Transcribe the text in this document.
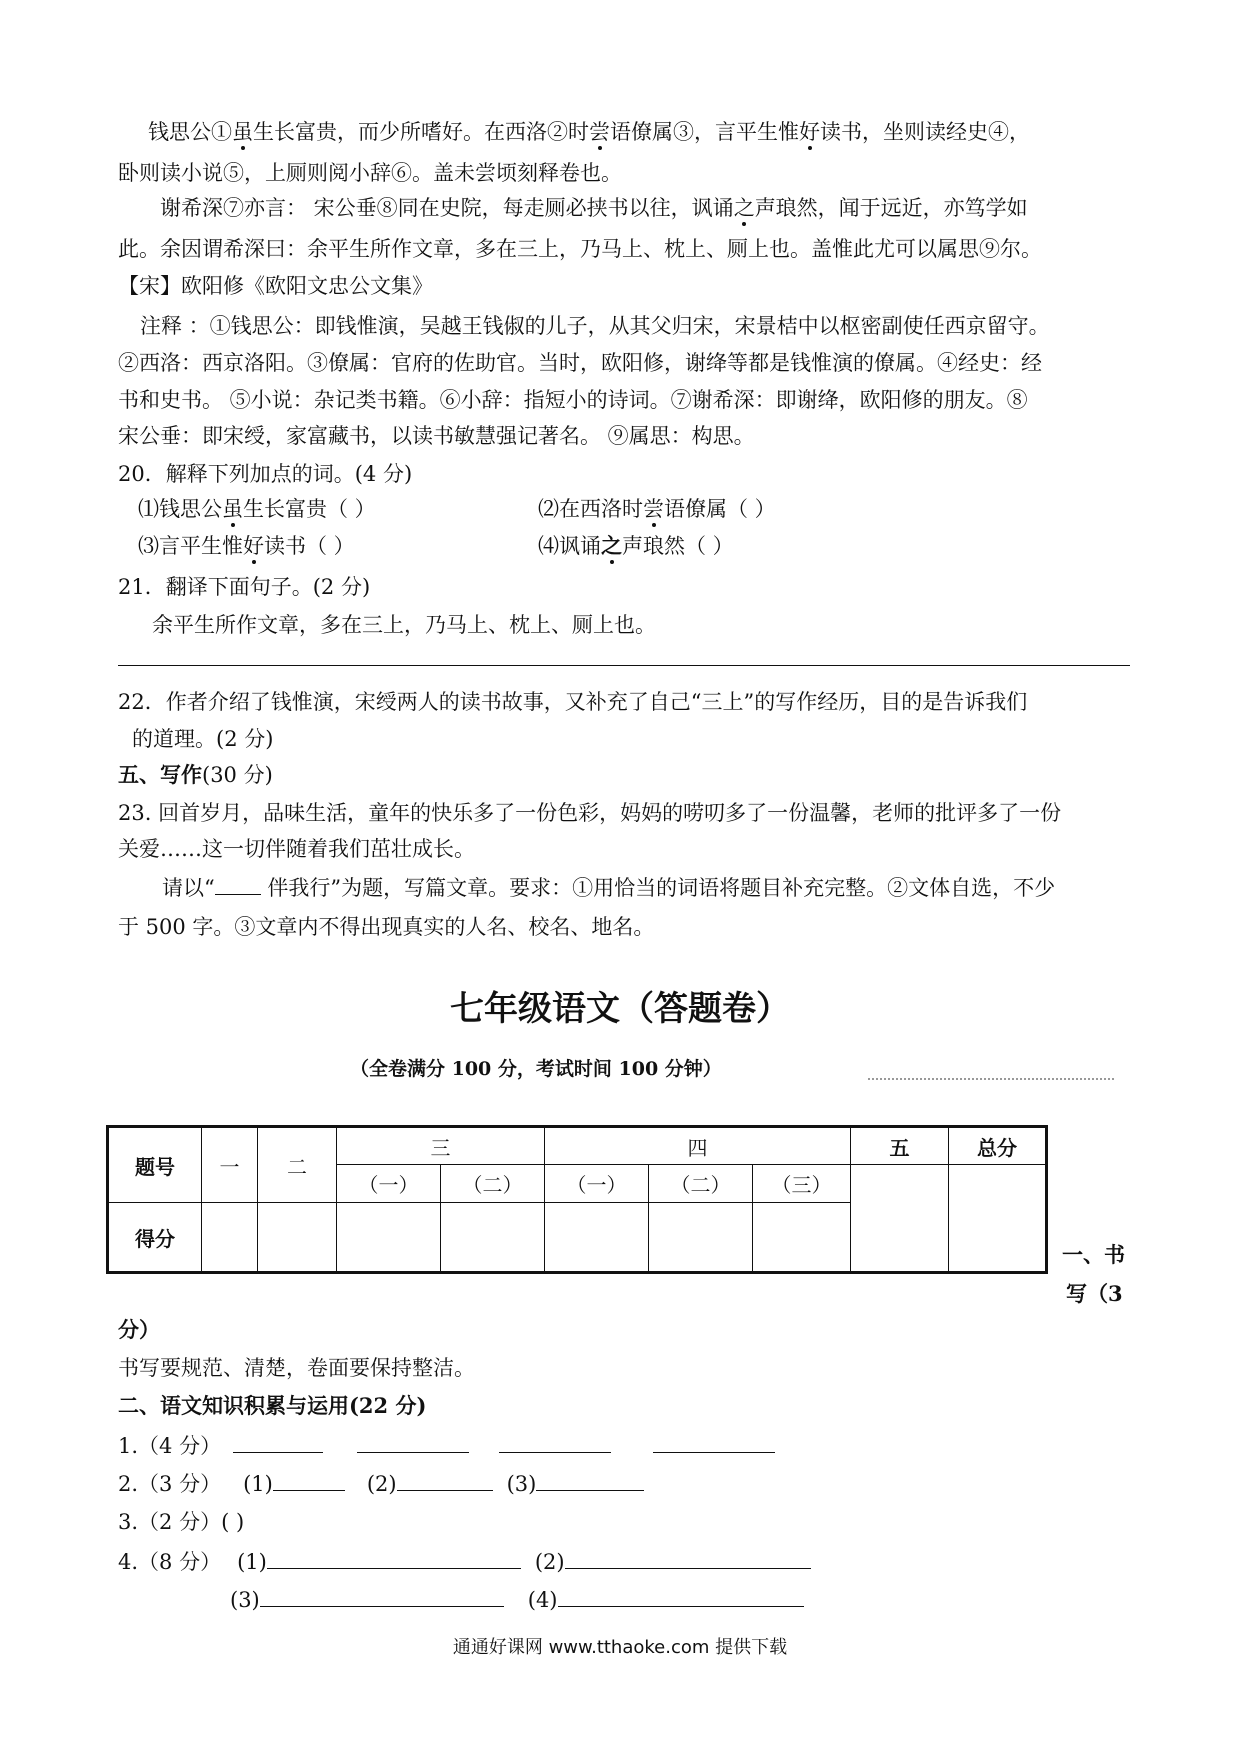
钱思公①虽生长富贵，而少所嗜好。在西洛②时尝语僚属③，言平生惟好读书，坐则读经史④，
卧则读小说⑤，上厕则阅小辞⑥。盖未尝顷刻释卷也。
谢希深⑦亦言： 宋公垂⑧同在史院，每走厕必挟书以往，讽诵之声琅然，闻于远近，亦笃学如
此。余因谓希深曰：余平生所作文章，多在三上，乃马上、枕上、厕上也。盖惟此尤可以属思⑨尔。
【宋】欧阳修《欧阳文忠公文集》
注释 ：①钱思公：即钱惟演，吴越王钱俶的儿子，从其父归宋，宋景桔中以枢密副使任西京留守。
②西洛：西京洛阳。③僚属：官府的佐助官。当时，欧阳修，谢绛等都是钱惟演的僚属。④经史：经
书和史书。 ⑤小说：杂记类书籍。⑥小辞：指短小的诗词。⑦谢希深：即谢绛，欧阳修的朋友。⑧
宋公垂：即宋绶，家富藏书，以读书敏慧强记著名。 ⑨属思：构思。
20．解释下列加点的词。(4 分)
⑴钱思公虽生长富贵（ ）	⑵在西洛时尝语僚属（ ）
⑶言平生惟好读书（ ）	⑷讽诵之声琅然（ ）
21．翻译下面句子。(2 分)
余平生所作文章，多在三上，乃马上、枕上、厕上也。
22．作者介绍了钱惟演，宋绶两人的读书故事，又补充了自己“三上”的写作经历，目的是告诉我们
的道理。(2 分)
五、写作(30 分)
23. 回首岁月，品味生活，童年的快乐多了一份色彩，妈妈的唠叨多了一份温馨，老师的批评多了一份
关爱……这一切伴随着我们茁壮成长。
请以“ 伴我行”为题，写篇文章。要求：①用恰当的词语将题目补充完整。②文体自选，不少
于 500 字。③文章内不得出现真实的人名、校名、地名。
七年级语文（答题卷）
（全卷满分 100 分，考试时间 100 分钟）
题号	一	二	三		四			五	总分
			（一）	（二）	（一）	（二）	（三）		
得分									
一、书
写（3
分）
书写要规范、清楚，卷面要保持整洁。
二、语文知识积累与运用(22 分)
1.（4 分）
2.（3 分） (1)	(2)	(3)
3.（2 分）( )
4.（8 分） (1)	(2)
(3)	(4)
通通好课网 www.tthaoke.com 提供下载
